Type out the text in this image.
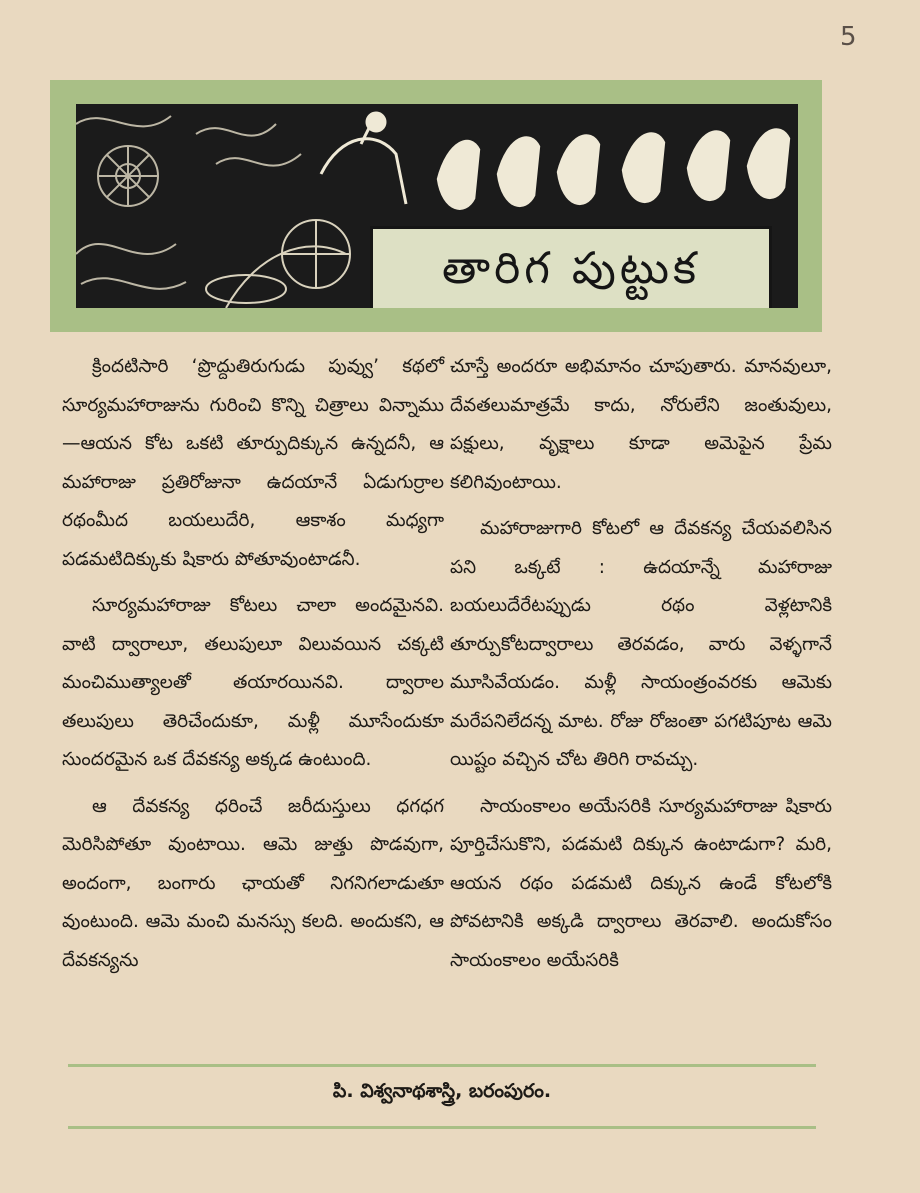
5
తారిగ పుట్టుక

క్రిందటిసారి ‘ప్రొద్దుతిరుగుడు పువ్వు’ కథలో సూర్యమహారాజును గురించి కొన్ని చిత్రాలు విన్నాము—ఆయన కోట ఒకటి తూర్పుదిక్కున ఉన్నదనీ, ఆ మహారాజు ప్రతిరోజునా ఉదయానే ఏడుగుర్రాల రథంమీద బయలుదేరి, ఆకాశం మధ్యగా పడమటిదిక్కుకు షికారు పోతూవుంటాడనీ.

సూర్యమహారాజు కోటలు చాలా అందమైనవి. వాటి ద్వారాలూ, తలుపులూ విలువయిన చక్కటి మంచిముత్యాలతో తయారయినవి. ద్వారాల తలుపులు తెరిచేందుకూ, మళ్లీ మూసేందుకూ సుందరమైన ఒక దేవకన్య అక్కడ ఉంటుంది.

ఆ దేవకన్య ధరించే జరీదుస్తులు ధగధగ మెరిసిపోతూ వుంటాయి. ఆమె జుత్తు పొడవుగా, అందంగా, బంగారు ఛాయతో నిగనిగలాడుతూ వుంటుంది. ఆమె మంచి మనస్సు కలది. అందుకని, ఆ దేవకన్యను

చూస్తే అందరూ అభిమానం చూపుతారు. మానవులూ, దేవతలుమాత్రమే కాదు, నోరులేని జంతువులు, పక్షులు, వృక్షాలు కూడా అమెపైన ప్రేమ కలిగివుంటాయి.

మహారాజుగారి కోటలో ఆ దేవకన్య చేయవలిసిన పని ఒక్కటే : ఉదయాన్నే మహారాజు బయలుదేరేటప్పుడు రథం వెళ్లటానికి తూర్పుకోటద్వారాలు తెరవడం, వారు వెళ్ళగానే మూసివేయడం. మళ్లీ సాయంత్రంవరకు ఆమెకు మరేపనిలేదన్న మాట. రోజు రోజంతా పగటిపూట ఆమె యిష్టం వచ్చిన చోట తిరిగి రావచ్చు.

సాయంకాలం అయేసరికి సూర్యమహారాజు షికారు పూర్తిచేసుకొని, పడమటి దిక్కున ఉంటాడుగా? మరి, ఆయన రథం పడమటి దిక్కున ఉండే కోటలోకి పోవటానికి అక్కడి ద్వారాలు తెరవాలి. అందుకోసం సాయంకాలం అయేసరికి

పి. విశ్వనాథశాస్త్రి, బరంపురం.
